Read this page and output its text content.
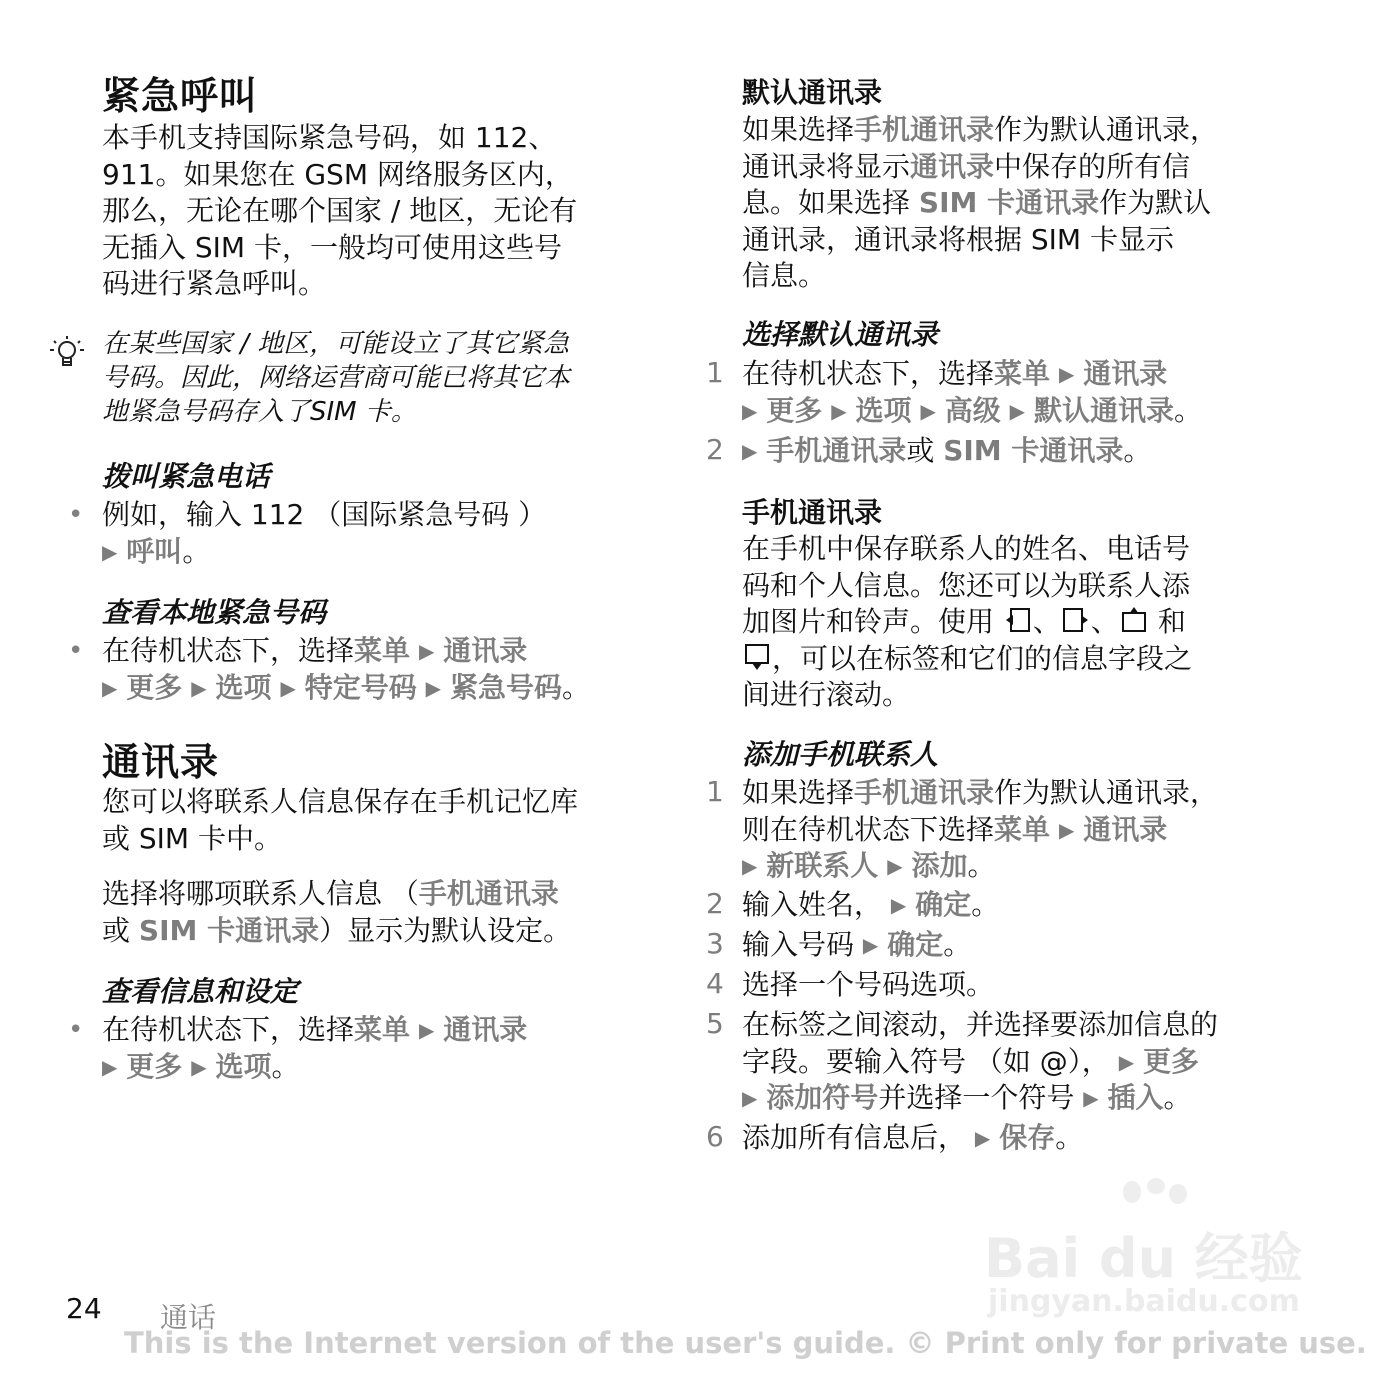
紧急呼叫
本手机支持国际紧急号码，如 112、
911。如果您在 GSM 网络服务区内，
那么，无论在哪个国家 / 地区，无论有
无插入 SIM 卡，一般均可使用这些号
码进行紧急呼叫。
在某些国家 / 地区，可能设立了其它紧急
号码。因此，网络运营商可能已将其它本
地紧急号码存入了SIM 卡。
拨叫紧急电话
• 例如，输入 112 （国际紧急号码 ）
▶ 呼叫。
查看本地紧急号码
• 在待机状态下，选择菜单 ▶ 通讯录
▶ 更多 ▶ 选项 ▶ 特定号码 ▶ 紧急号码。
通讯录
您可以将联系人信息保存在手机记忆库
或 SIM 卡中。
选择将哪项联系人信息 （手机通讯录
或 SIM 卡通讯录）显示为默认设定。
查看信息和设定
• 在待机状态下，选择菜单 ▶ 通讯录
▶ 更多 ▶ 选项。
默认通讯录
如果选择手机通讯录作为默认通讯录，
通讯录将显示通讯录中保存的所有信
息。如果选择 SIM 卡通讯录作为默认
通讯录，通讯录将根据 SIM 卡显示
信息。
选择默认通讯录
1 在待机状态下，选择菜单 ▶ 通讯录
▶ 更多 ▶ 选项 ▶ 高级 ▶ 默认通讯录。
2 ▶ 手机通讯录或 SIM 卡通讯录。
手机通讯录
在手机中保存联系人的姓名、电话号
码和个人信息。您还可以为联系人添
加图片和铃声。使用 、 、 和
，可以在标签和它们的信息字段之
间进行滚动。
添加手机联系人
1 如果选择手机通讯录作为默认通讯录，
则在待机状态下选择菜单 ▶ 通讯录
▶ 新联系人 ▶ 添加。
2 输入姓名， ▶ 确定。
3 输入号码 ▶ 确定。
4 选择一个号码选项。
5 在标签之间滚动，并选择要添加信息的
字段。要输入符号 （如 @）， ▶ 更多
▶ 添加符号并选择一个符号 ▶ 插入。
6 添加所有信息后， ▶ 保存。
Bai du 经验
jingyan.baidu.com
24 通话
This is the Internet version of the user's guide. © Print only for private use.
